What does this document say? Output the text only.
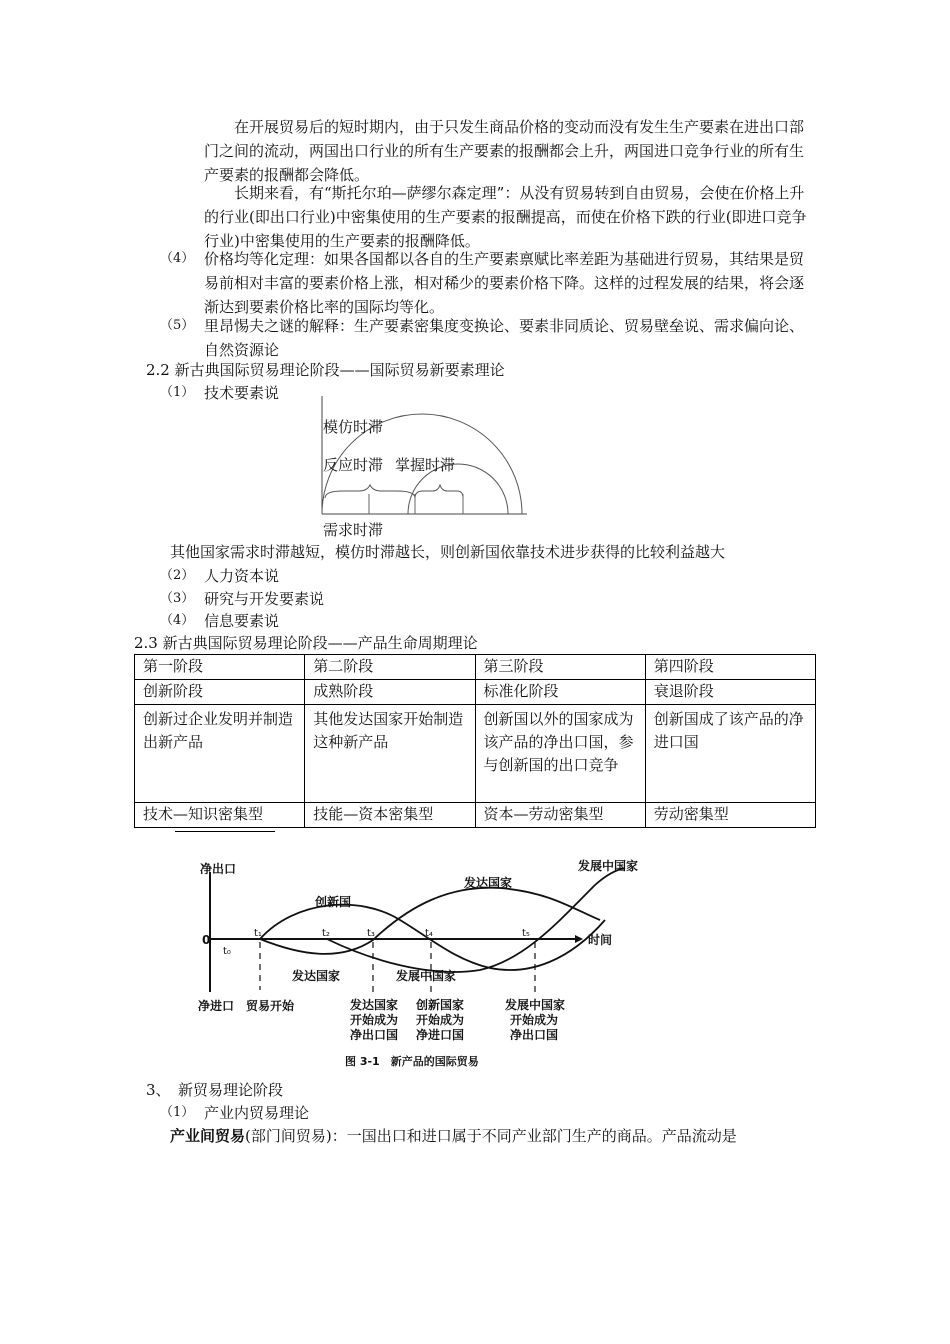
在开展贸易后的短时期内，由于只发生商品价格的变动而没有发生生产要素在进出口部门之间的流动，两国出口行业的所有生产要素的报酬都会上升，两国进口竞争行业的所有生产要素的报酬都会降低。
长期来看，有“斯托尔珀—萨缪尔森定理”：从没有贸易转到自由贸易，会使在价格上升的行业(即出口行业)中密集使用的生产要素的报酬提高，而使在价格下跌的行业(即进口竞争行业)中密集使用的生产要素的报酬降低。
（4） 价格均等化定理：如果各国都以各自的生产要素禀赋比率差距为基础进行贸易，其结果是贸易前相对丰富的要素价格上涨，相对稀少的要素价格下降。这样的过程发展的结果，将会逐渐达到要素价格比率的国际均等化。
（5） 里昂惕夫之谜的解释：生产要素密集度变换论、要素非同质论、贸易壁垒说、需求偏向论、自然资源论
2.2 新古典国际贸易理论阶段——国际贸易新要素理论
（1） 技术要素说
模仿时滞
反应时滞 掌握时滞
需求时滞
其他国家需求时滞越短，模仿时滞越长，则创新国依靠技术进步获得的比较利益越大
（2） 人力资本说
（3） 研究与开发要素说
（4） 信息要素说
2.3 新古典国际贸易理论阶段——产品生命周期理论
第一阶段	第二阶段	第三阶段	第四阶段
创新阶段	成熟阶段	标准化阶段	衰退阶段
创新过企业发明并制造出新产品	其他发达国家开始制造这种新产品	创新国以外的国家成为该产品的净出口国，参与创新国的出口竞争	创新国成了该产品的净进口国
技术—知识密集型	技能—资本密集型	资本—劳动密集型	劳动密集型
净出口
0	时间
t₀
t₁	t₂	t₃	t₄	t₅
创新国
发达国家
发展中国家
发达国家	发展中国家
净进口 贸易开始	发达国家
开始成为
净出口国
创新国家
开始成为
净进口国
发展中国家
开始成为
净出口国
图 3-1　新产品的国际贸易
3、　新贸易理论阶段
（1） 产业内贸易理论
产业间贸易(部门间贸易)：一国出口和进口属于不同产业部门生产的商品。产品流动是
